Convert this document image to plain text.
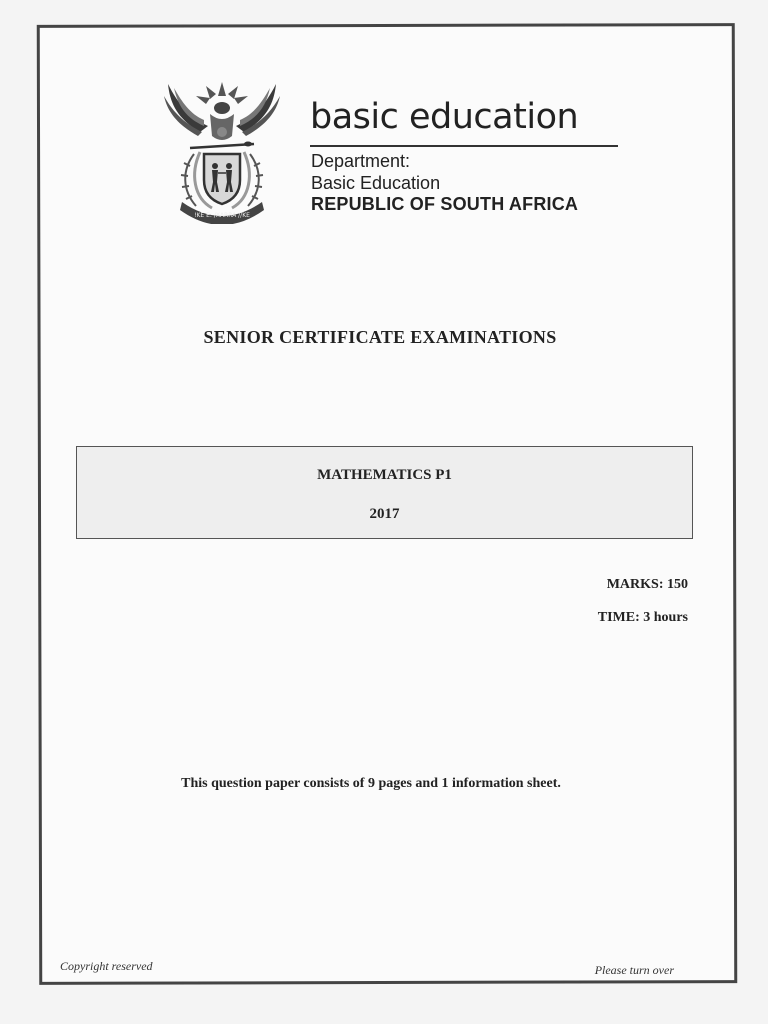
!KE E: /XARRA //KE
basic education
Department:
Basic Education
REPUBLIC OF SOUTH AFRICA
SENIOR CERTIFICATE EXAMINATIONS
MATHEMATICS P1
2017
MARKS: 150
TIME: 3 hours
This question paper consists of 9 pages and 1 information sheet.
Copyright reserved	Please turn over
